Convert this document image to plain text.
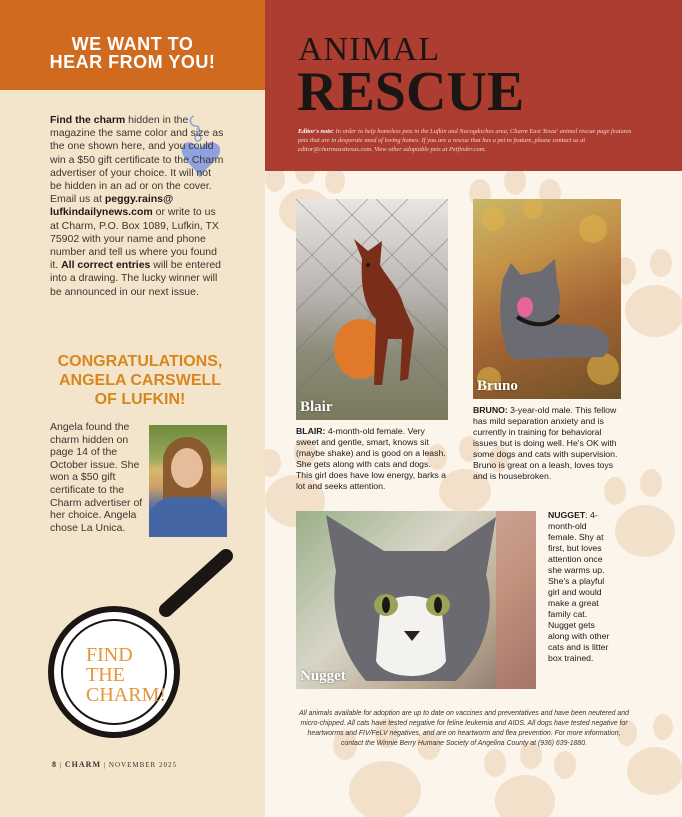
WE WANT TO
HEAR FROM YOU!
Find the charm hidden in the magazine the same color and size as the one shown here, and you could win a $50 gift certificate to the Charm advertiser of your choice. It will not be hidden in an ad or on the cover. Email us at peggy.rains@ lufkindailynews.com or write to us at Charm, P.O. Box 1089, Lufkin, TX 75902 with your name and phone number and tell us where you found it. All correct entries will be entered into a drawing. The lucky winner will be announced in our next issue.
CONGRATULATIONS,
ANGELA CARSWELL
OF LUFKIN!
Angela found the charm hidden on page 14 of the October issue. She won a $50 gift certificate to the Charm advertiser of her choice. Angela chose La Unica.
FIND
THE
CHARM!
8 | CHARM | NOVEMBER 2025
ANIMAL
RESCUE
Editor's note: In order to help homeless pets in the Lufkin and Nacogdoches area, Charm East Texas' animal rescue page features pets that are in desperate need of loving homes. If you are a rescue that has a pet to feature, please contact us at editor@charmeasttexas.com. View other adoptable pets at Petfinder.com.
Blair
Bruno
BLAIR: 4-month-old female. Very sweet and gentle, smart, knows sit (maybe shake) and is good on a leash. She gets along with cats and dogs. This girl does have low energy, barks a lot and seeks attention.
BRUNO: 3-year-old male. This fellow has mild separation anxiety and is currently in training for behavioral issues but is doing well. He's OK with some dogs and cats with supervision. Bruno is great on a leash, loves toys and is housebroken.
Nugget
NUGGET: 4-month-old female. Shy at first, but loves attention once she warms up. She's a playful girl and would make a great family cat. Nugget gets along with other cats and is litter box trained.
All animals available for adoption are up to date on vaccines and preventatives and have been neutered and micro-chipped. All cats have tested negative for feline leukemia and AIDS. All dogs have tested negative for heartworms and FIV/FeLV negatives, and are on heartworm and flea prevention. For more information, contact the Winnie Berry Humane Society of Angelina County at (936) 639-1880.
